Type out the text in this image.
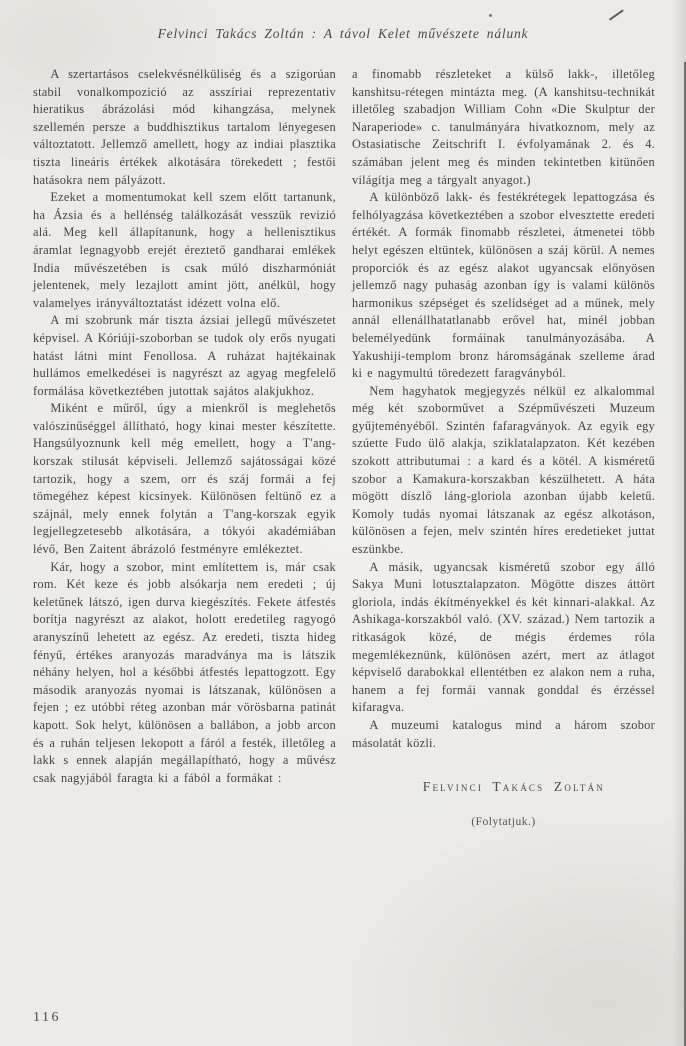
Felvinci Takács Zoltán : A távol Kelet művészete nálunk

A szertartásos cselekvésnélküliség és a szigorúan stabil vonalkompozició az asszíriai reprezentativ hieratikus ábrázolási mód kihangzása, melynek szellemén persze a buddhisztikus tartalom lényegesen változtatott. Jellemző amellett, hogy az indiai plasztika tiszta lineáris értékek alkotására törekedett ; festői hatásokra nem pályázott.

Ezeket a momentumokat kell szem előtt tartanunk, ha Ázsia és a hellénség találkozását vesszük revizió alá. Meg kell állapítanunk, hogy a hellenisztikus áramlat legnagyobb erejét éreztető gandharai emlékek India művészetében is csak múló diszharmóniát jelentenek, mely lezajlott amint jött, anélkül, hogy valamelyes irányváltoztatást idézett volna elő.

A mi szobrunk már tiszta ázsiai jellegű művészetet képvisel. A Kóriúji-szoborban se tudok oly erős nyugati hatást látni mint Fenollosa. A ruházat hajtékainak hullámos emelkedései is nagyrészt az agyag megfelelő formálása következtében jutottak sajátos alakjukhoz.

Miként e műről, úgy a mienkről is meglehetős valószinűséggel állítható, hogy kinai mester készítette. Hangsúlyoznunk kell még emellett, hogy a T'ang-korszak stilusát képviseli. Jellemző sajátosságai közé tartozik, hogy a szem, orr és száj formái a fej tömegéhez képest kicsinyek. Különösen feltünő ez a szájnál, mely ennek folytán a T'ang-korszak egyik legjellegzetesebb alkotására, a tókyói akadémiában lévő, Ben Zaitent ábrázoló festményre emlékeztet.

Kár, hogy a szobor, mint említettem is, már csak rom. Két keze és jobb alsókarja nem eredeti ; új keletűnek látszó, igen durva kiegészítés. Fekete átfestés borítja nagyrészt az alakot, holott eredetileg ragyogó aranyszínű lehetett az egész. Az eredeti, tiszta hideg fényű, értékes aranyozás maradványa ma is látszik néhány helyen, hol a későbbi átfestés lepattogzott. Egy második aranyozás nyomai is látszanak, különösen a fejen ; ez utóbbi réteg azonban már vörösbarna patinát kapott. Sok helyt, különösen a ballábon, a jobb arcon és a ruhán teljesen lekopott a fáról a festék, illetőleg a lakk s ennek alapján megállapítható, hogy a művész csak nagyjából faragta ki a fából a formákat :

a finomabb részleteket a külső lakk-, illetőleg kanshitsu-rétegen mintázta meg. (A kanshitsu-technikát illetőleg szabadjon William Cohn «Die Skulptur der Naraperiode» c. tanulmányára hivatkoznom, mely az Ostasiatische Zeitschrift I. évfolyamának 2. és 4. számában jelent meg és minden tekintetben kitünően világítja meg a tárgyalt anyagot.)

A különböző lakk- és festékrétegek lepattogzása és felhólyagzása következtében a szobor elvesztette eredeti értékét. A formák finomabb részletei, átmenetei több helyt egészen eltüntek, különösen a száj körül. A nemes proporciók és az egész alakot ugyancsak előnyösen jellemző nagy puhaság azonban így is valami különös harmonikus szépséget és szelídséget ad a műnek, mely annál ellenállhatatlanabb erővel hat, minél jobban belemélyedünk formáinak tanulmányozásába. A Yakushiji-templom bronz háromságának szelleme árad ki e nagymultú töredezett faragványból.

Nem hagyhatok megjegyzés nélkül ez alkalommal még két szoborművet a Szépművészeti Muzeum gyűjteményéből. Szintén fafaragványok. Az egyik egy szúette Fudo ülő alakja, sziklatalapzaton. Két kezében szokott attributumai : a kard és a kötél. A kisméretű szobor a Kamakura-korszakban készülhetett. A háta mögött díszlő láng-gloriola azonban újabb keletű. Komoly tudás nyomai látszanak az egész alkotáson, különösen a fejen, melv szintén híres eredetieket juttat eszünkbe.

A másik, ugyancsak kisméretű szobor egy álló Sakya Muni lotusztalapzaton. Mögötte diszes áttört gloriola, indás ékítményekkel és két kinnari-alakkal. Az Ashikaga-korszakból való. (XV. század.) Nem tartozik a ritkaságok közé, de mégis érdemes róla megemlékeznünk, különösen azért, mert az átlagot képviselő darabokkal ellentétben ez alakon nem a ruha, hanem a fej formái vannak gonddal és érzéssel kifaragva.

A muzeumi katalogus mind a három szobor másolatát közli.

Felvinci Takács Zoltán
(Folytatjuk.)
116
